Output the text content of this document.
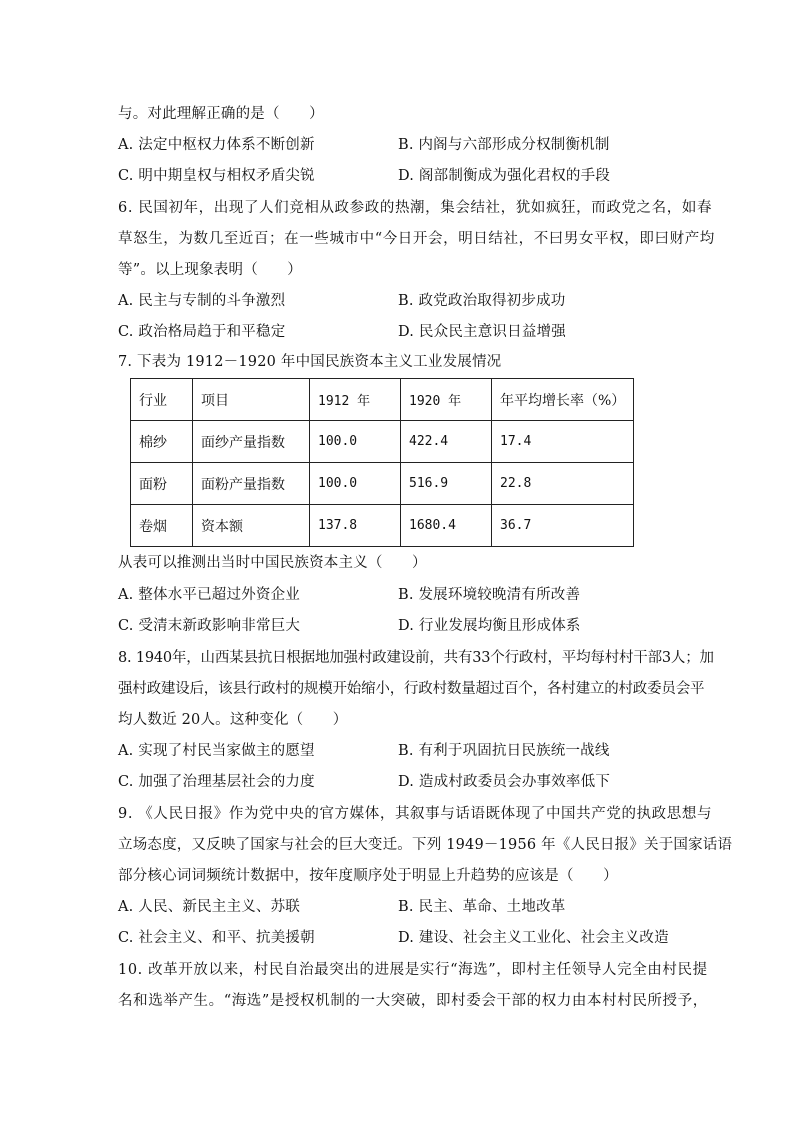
与。对此理解正确的是（　　）
A. 法定中枢权力体系不断创新	B. 内阁与六部形成分权制衡机制
C. 明中期皇权与相权矛盾尖锐	D. 阁部制衡成为强化君权的手段
6. 民国初年，出现了人们竞相从政参政的热潮，集会结社，犹如疯狂，而政党之名，如春
草怒生，为数几至近百；在一些城市中“今日开会，明日结社，不曰男女平权，即曰财产均
等”。以上现象表明（　　）
A. 民主与专制的斗争激烈	B. 政党政治取得初步成功
C. 政治格局趋于和平稳定	D. 民众民主意识日益增强
7. 下表为 1912－1920 年中国民族资本主义工业发展情况
行业	项目	1912 年	1920 年	年平均增长率（%）
棉纱	面纱产量指数	100.0	422.4	17.4
面粉	面粉产量指数	100.0	516.9	22.8
卷烟	资本额	137.8	1680.4	36.7
从表可以推测出当时中国民族资本主义（　　）
A. 整体水平已超过外资企业	B. 发展环境较晚清有所改善
C. 受清末新政影响非常巨大	D. 行业发展均衡且形成体系
8. 1940年，山西某县抗日根据地加强村政建设前，共有33个行政村，平均每村村干部3人；加
强村政建设后，该县行政村的规模开始缩小，行政村数量超过百个，各村建立的村政委员会平
均人数近 20人。这种变化（　　）
A. 实现了村民当家做主的愿望	B. 有利于巩固抗日民族统一战线
C. 加强了治理基层社会的力度	D. 造成村政委员会办事效率低下
9. 《人民日报》作为党中央的官方媒体，其叙事与话语既体现了中国共产党的执政思想与
立场态度，又反映了国家与社会的巨大变迁。下列 1949－1956 年《人民日报》关于国家话语
部分核心词词频统计数据中，按年度顺序处于明显上升趋势的应该是（　　）
A. 人民、新民主主义、苏联	B. 民主、革命、土地改革
C. 社会主义、和平、抗美援朝	D. 建设、社会主义工业化、社会主义改造
10. 改革开放以来，村民自治最突出的进展是实行“海选”，即村主任领导人完全由村民提
名和选举产生。“海选”是授权机制的一大突破，即村委会干部的权力由本村村民所授予，
